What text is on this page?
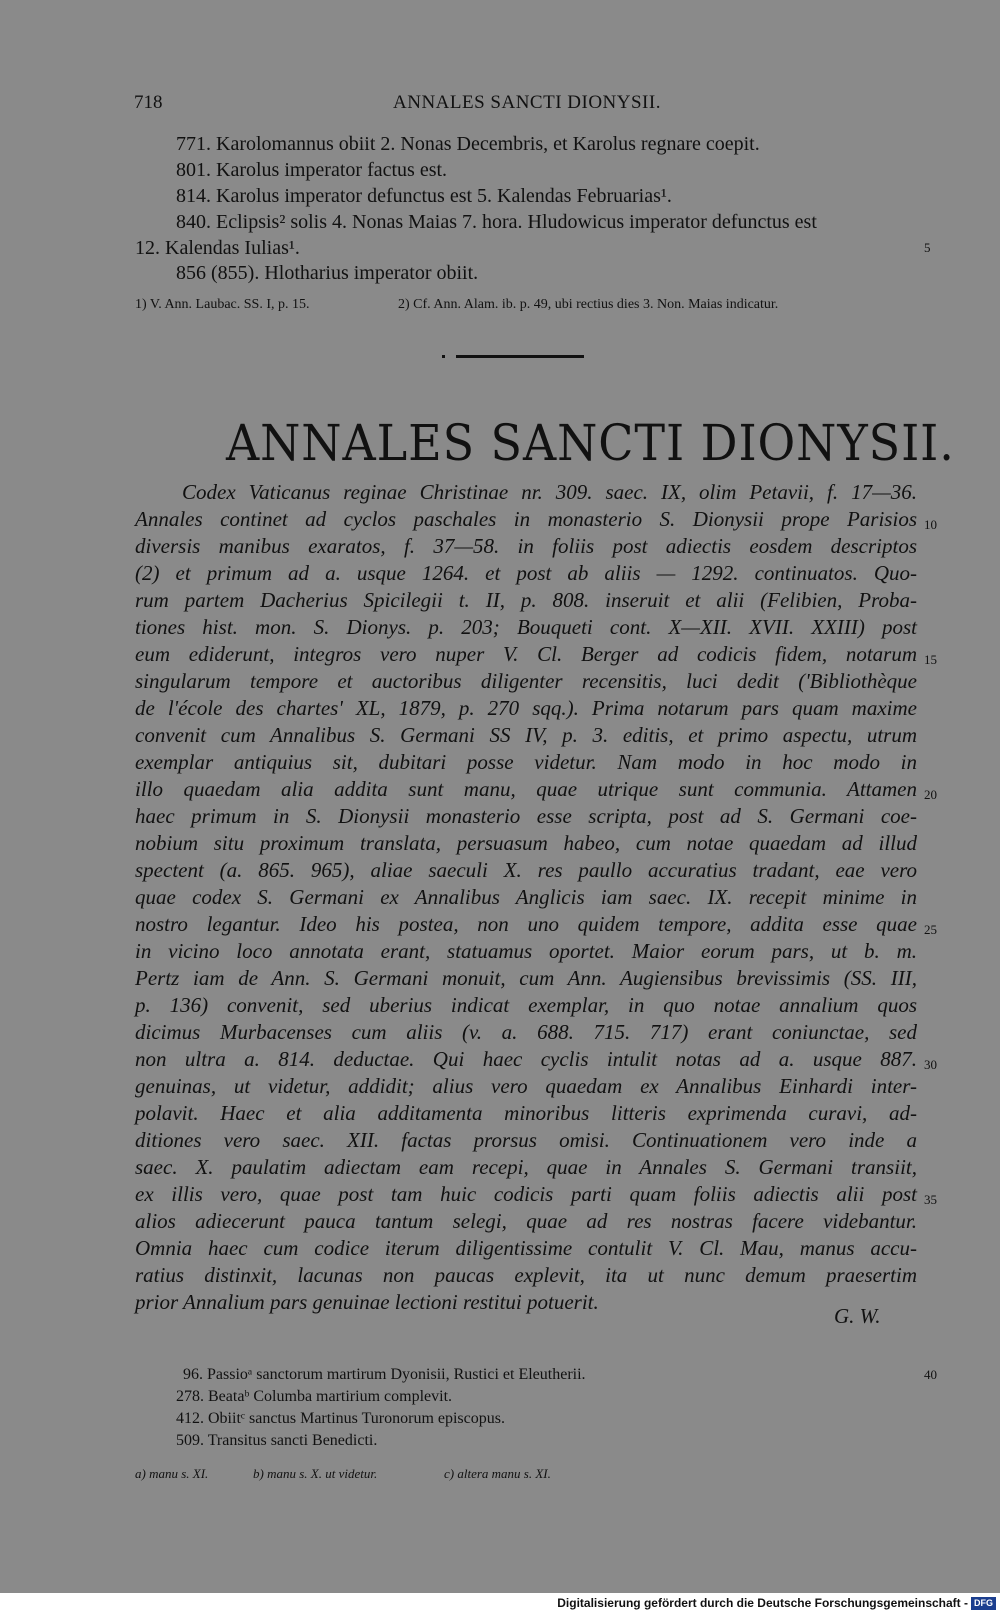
718	ANNALES SANCTI DIONYSII.
771. Karolomannus obiit 2. Nonas Decembris, et Karolus regnare coepit.
801. Karolus imperator factus est.
814. Karolus imperator defunctus est 5. Kalendas Februarias¹.
840. Eclipsis² solis 4. Nonas Maias 7. hora. Hludowicus imperator defunctus est
12. Kalendas Iulias¹.	5
856 (855). Hlotharius imperator obiit.
1) V. Ann. Laubac. SS. I, p. 15.	2) Cf. Ann. Alam. ib. p. 49, ubi rectius dies 3. Non. Maias indicatur.
ANNALES SANCTI DIONYSII.
Codex Vaticanus reginae Christinae nr. 309. saec. IX, olim Petavii, f. 17—36.
Annales continet ad cyclos paschales in monasterio S. Dionysii prope Parisios
diversis manibus exaratos, f. 37—58. in foliis post adiectis eosdem descriptos
(2) et primum ad a. usque 1264. et post ab aliis — 1292. continuatos. Quo-
rum partem Dacherius Spicilegii t. II, p. 808. inseruit et alii (Felibien, Proba-
tiones hist. mon. S. Dionys. p. 203; Bouqueti cont. X—XII. XVII. XXIII) post
eum ediderunt, integros vero nuper V. Cl. Berger ad codicis fidem, notarum
singularum tempore et auctoribus diligenter recensitis, luci dedit ('Bibliothèque
de l'école des chartes' XL, 1879, p. 270 sqq.). Prima notarum pars quam maxime
convenit cum Annalibus S. Germani SS IV, p. 3. editis, et primo aspectu, utrum
exemplar antiquius sit, dubitari posse videtur. Nam modo in hoc modo in
illo quaedam alia addita sunt manu, quae utrique sunt communia. Attamen
haec primum in S. Dionysii monasterio esse scripta, post ad S. Germani coe-
nobium situ proximum translata, persuasum habeo, cum notae quaedam ad illud
spectent (a. 865. 965), aliae saeculi X. res paullo accuratius tradant, eae vero
quae codex S. Germani ex Annalibus Anglicis iam saec. IX. recepit minime in
nostro legantur. Ideo his postea, non uno quidem tempore, addita esse quae
in vicino loco annotata erant, statuamus oportet. Maior eorum pars, ut b. m.
Pertz iam de Ann. S. Germani monuit, cum Ann. Augiensibus brevissimis (SS. III,
p. 136) convenit, sed uberius indicat exemplar, in quo notae annalium quos
dicimus Murbacenses cum aliis (v. a. 688. 715. 717) erant coniunctae, sed
non ultra a. 814. deductae. Qui haec cyclis intulit notas ad a. usque 887.
genuinas, ut videtur, addidit; alius vero quaedam ex Annalibus Einhardi inter-
polavit. Haec et alia additamenta minoribus litteris exprimenda curavi, ad-
ditiones vero saec. XII. factas prorsus omisi. Continuationem vero inde a
saec. X. paulatim adiectam eam recepi, quae in Annales S. Germani transiit,
ex illis vero, quae post tam huic codicis parti quam foliis adiectis alii post
alios adiecerunt pauca tantum selegi, quae ad res nostras facere videbantur.
Omnia haec cum codice iterum diligentissime contulit V. Cl. Mau, manus accu-
ratius distinxit, lacunas non paucas explevit, ita ut nunc demum praesertim
prior Annalium pars genuinae lectioni restitui potuerit.
G. W.
10
15
20
25
30
35
96. Passioᵃ sanctorum martirum Dyonisii, Rustici et Eleutherii.	40
278. Beataᵇ Columba martirium complevit.
412. Obiitᶜ sanctus Martinus Turonorum episcopus.
509. Transitus sancti Benedicti.
a) manu s. XI.	b) manu s. X. ut videtur.	c) altera manu s. XI.
Digitalisierung gefördert durch die Deutsche Forschungsgemeinschaft - DFG
